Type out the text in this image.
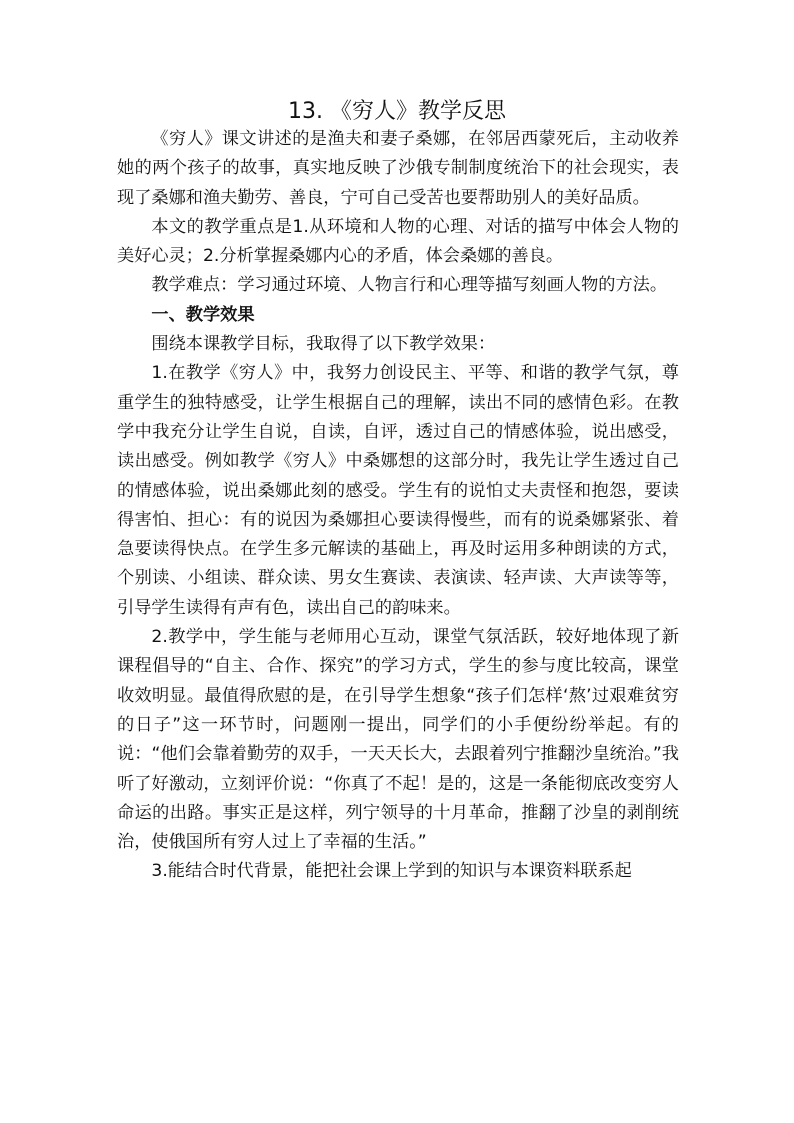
13. 《穷人》教学反思

《穷人》课文讲述的是渔夫和妻子桑娜，在邻居西蒙死后，主动收养她的两个孩子的故事，真实地反映了沙俄专制制度统治下的社会现实，表现了桑娜和渔夫勤劳、善良，宁可自己受苦也要帮助别人的美好品质。

本文的教学重点是1.从环境和人物的心理、对话的描写中体会人物的美好心灵；2.分析掌握桑娜内心的矛盾，体会桑娜的善良。

教学难点：学习通过环境、人物言行和心理等描写刻画人物的方法。

一、教学效果

围绕本课教学目标，我取得了以下教学效果：

1.在教学《穷人》中，我努力创设民主、平等、和谐的教学气氛，尊重学生的独特感受，让学生根据自己的理解，读出不同的感情色彩。在教学中我充分让学生自说，自读，自评，透过自己的情感体验，说出感受，读出感受。例如教学《穷人》中桑娜想的这部分时，我先让学生透过自己的情感体验，说出桑娜此刻的感受。学生有的说怕丈夫责怪和抱怨，要读得害怕、担心：有的说因为桑娜担心要读得慢些，而有的说桑娜紧张、着急要读得快点。在学生多元解读的基础上，再及时运用多种朗读的方式，个别读、小组读、群众读、男女生赛读、表演读、轻声读、大声读等等，引导学生读得有声有色，读出自己的韵味来。

2.教学中，学生能与老师用心互动，课堂气氛活跃，较好地体现了新课程倡导的“自主、合作、探究”的学习方式，学生的参与度比较高，课堂收效明显。最值得欣慰的是，在引导学生想象“孩子们怎样‘熬’过艰难贫穷的日子”这一环节时，问题刚一提出，同学们的小手便纷纷举起。有的说：“他们会靠着勤劳的双手，一天天长大，去跟着列宁推翻沙皇统治。”我听了好激动，立刻评价说：“你真了不起！是的，这是一条能彻底改变穷人命运的出路。事实正是这样，列宁领导的十月革命，推翻了沙皇的剥削统治，使俄国所有穷人过上了幸福的生活。”

3.能结合时代背景，能把社会课上学到的知识与本课资料联系起
